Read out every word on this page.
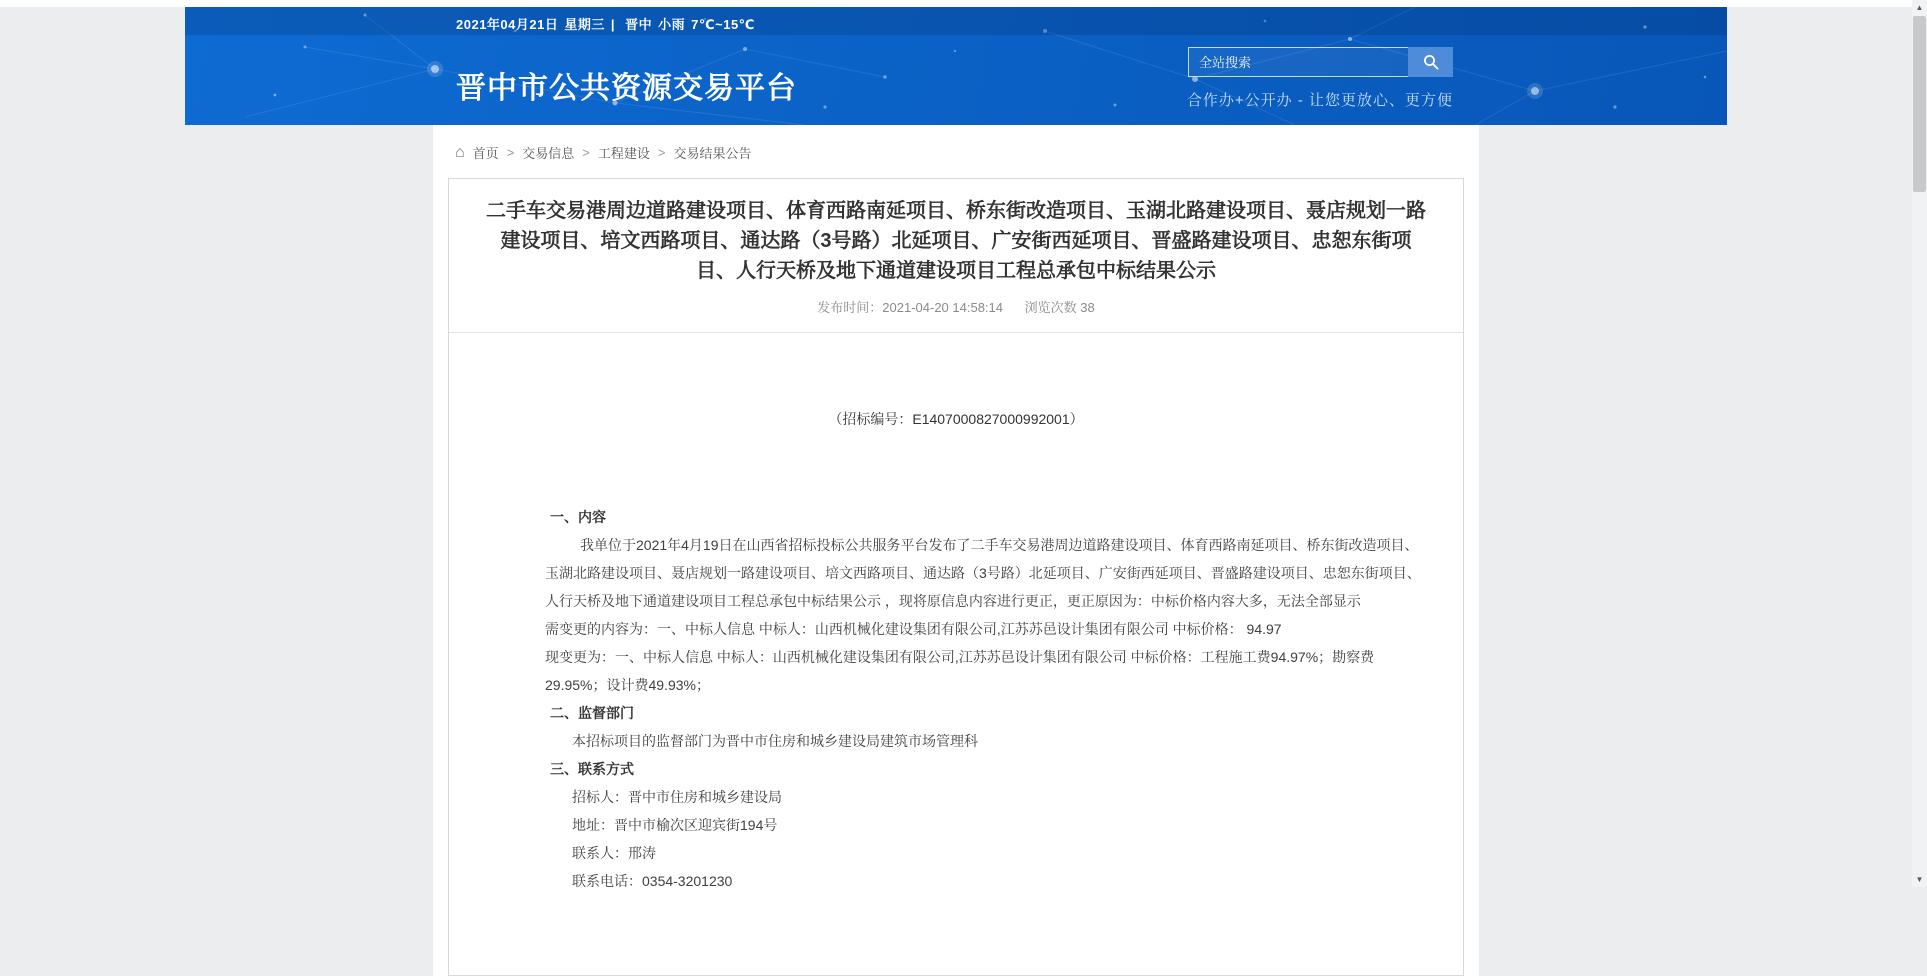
2021年04月21日 星期三 | 晋中 小雨 7℃~15℃
晋中市公共资源交易平台
全站搜索	合作办+公开办 - 让您更放心、更方便
⌂ 首页 > 交易信息 > 工程建设 > 交易结果公告
二手车交易港周边道路建设项目、体育西路南延项目、桥东街改造项目、玉湖北路建设项目、聂店规划一路建设项目、培文西路项目、通达路（3号路）北延项目、广安街西延项目、晋盛路建设项目、忠恕东街项目、人行天桥及地下通道建设项目工程总承包中标结果公示
发布时间：2021-04-20 14:58:14 浏览次数 38
（招标编号：E1407000827000992001）
一、内容
我单位于2021年4月19日在山西省招标投标公共服务平台发布了二手车交易港周边道路建设项目、体育西路南延项目、桥东街改造项目、
玉湖北路建设项目、聂店规划一路建设项目、培文西路项目、通达路（3号路）北延项目、广安街西延项目、晋盛路建设项目、忠恕东街项目、
人行天桥及地下通道建设项目工程总承包中标结果公示 ，现将原信息内容进行更正，更正原因为：中标价格内容大多，无法全部显示
需变更的内容为：一、中标人信息 中标人：山西机械化建设集团有限公司,江苏苏邑设计集团有限公司 中标价格： 94.97
现变更为：一、中标人信息 中标人：山西机械化建设集团有限公司,江苏苏邑设计集团有限公司 中标价格：工程施工费94.97%；勘察费
29.95%；设计费49.93%；
二、监督部门
本招标项目的监督部门为晋中市住房和城乡建设局建筑市场管理科
三、联系方式
招标人：晋中市住房和城乡建设局
地址：晋中市榆次区迎宾街194号
联系人：邢涛
联系电话：0354-3201230
▲
▼
